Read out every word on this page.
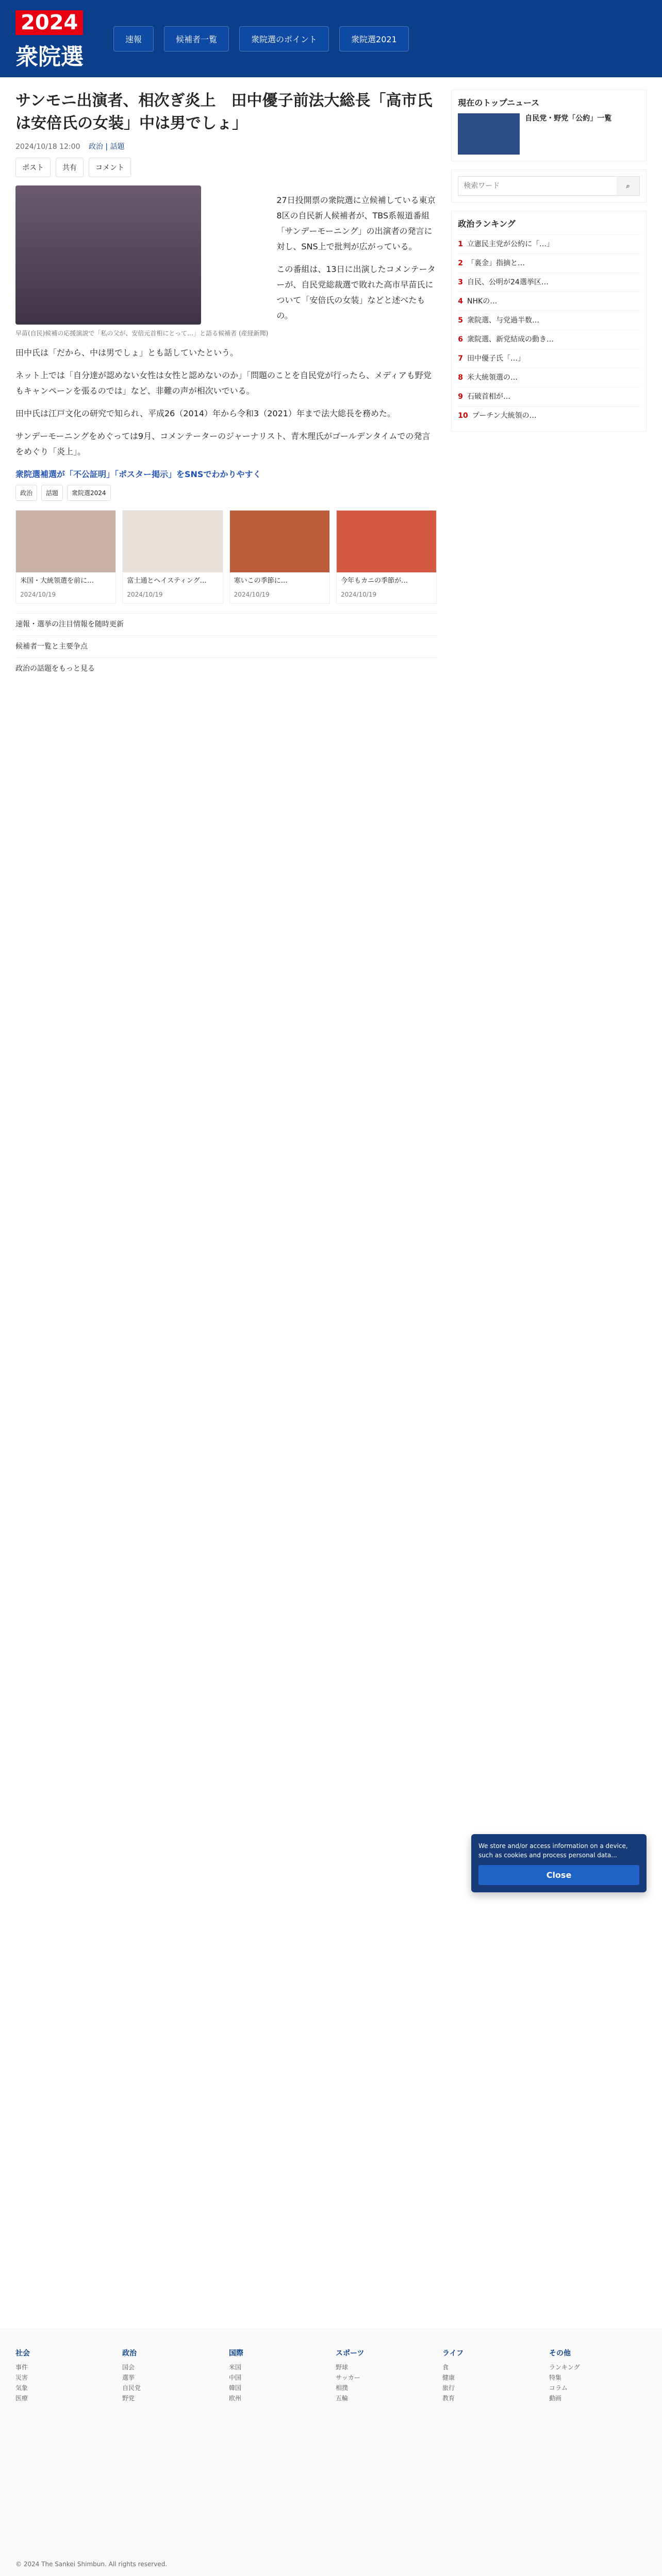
2024
衆院選
速報	候補者一覧	衆院選のポイント	衆院選2021
サンモニ出演者、相次ぎ炎上　田中優子前法大総長「高市氏は安倍氏の女装」中は男でしょ」
2024/10/18 12:00 政治 | 話題
ポスト	共有	コメント
早苗(自民)候補の応援演説で「私の父が、安倍元首相にとって…」と語る候補者 (産経新聞)

27日投開票の衆院選に立候補している東京8区の自民新人候補者が、TBS系報道番組「サンデーモーニング」の出演者の発言に対し、SNS上で批判が広がっている。

この番組は、13日に出演したコメンテーターが、自民党総裁選で敗れた高市早苗氏について「安倍氏の女装」などと述べたもの。

田中氏は「だから、中は男でしょ」とも話していたという。

ネット上では「自分達が認めない女性は女性と認めないのか」「問題のことを自民党が行ったら、メディアも野党もキャンペーンを張るのでは」など、非難の声が相次いでいる。

田中氏は江戸文化の研究で知られ、平成26（2014）年から令和3（2021）年まで法大総長を務めた。

サンデーモーニングをめぐっては9月、コメンテーターのジャーナリスト、青木理氏がゴールデンタイムでの発言をめぐり「炎上」。

衆院選補選が「不公証明」「ポスター掲示」をSNSでわかりやすく
政治	話題	衆院選2024
米国・大統領選を前に…
2024/10/19
富士通とヘイスティング…
2024/10/19
寒いこの季節に…
2024/10/19
今年もカニの季節が…
2024/10/19
速報・選挙の注目情報を随時更新
候補者一覧と主要争点
政治の話題をもっと見る
現在のトップニュース
自民党・野党「公約」一覧
検索ワード
⌕
政治ランキング
1 立憲民主党が公約に「…」
2 「裏金」指摘と…
3 自民、公明が24選挙区…
4 NHKの…
5 衆院選、与党過半数…
6 衆院選、新党結成の動き…
7 田中優子氏「…」
8 米大統領選の…
9 石破首相が…
10 プーチン大統領の…

We store and/or access information on a device, such as cookies and process personal data...

Close
社会
事件
災害
気象
医療
政治
国会
選挙
自民党
野党
国際
米国
中国
韓国
欧州
スポーツ
野球
サッカー
相撲
五輪
ライフ
食
健康
旅行
教育
その他
ランキング
特集
コラム
動画
© 2024 The Sankei Shimbun. All rights reserved.
